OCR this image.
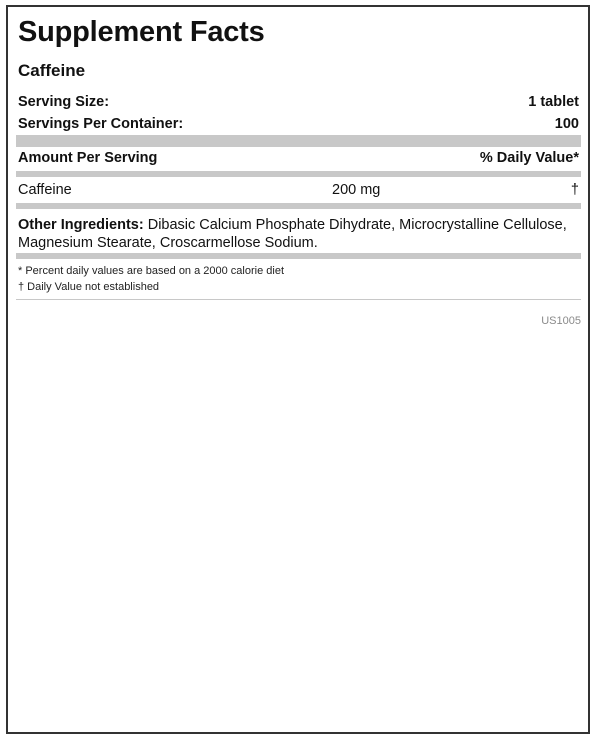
Supplement Facts
Caffeine
Serving Size:	1 tablet
Servings Per Container:	100
Amount Per Serving	% Daily Value*
Caffeine	200 mg	†
Other Ingredients: Dibasic Calcium Phosphate Dihydrate, Microcrystalline Cellulose, Magnesium Stearate, Croscarmellose Sodium.
* Percent daily values are based on a 2000 calorie diet
† Daily Value not established
US1005
